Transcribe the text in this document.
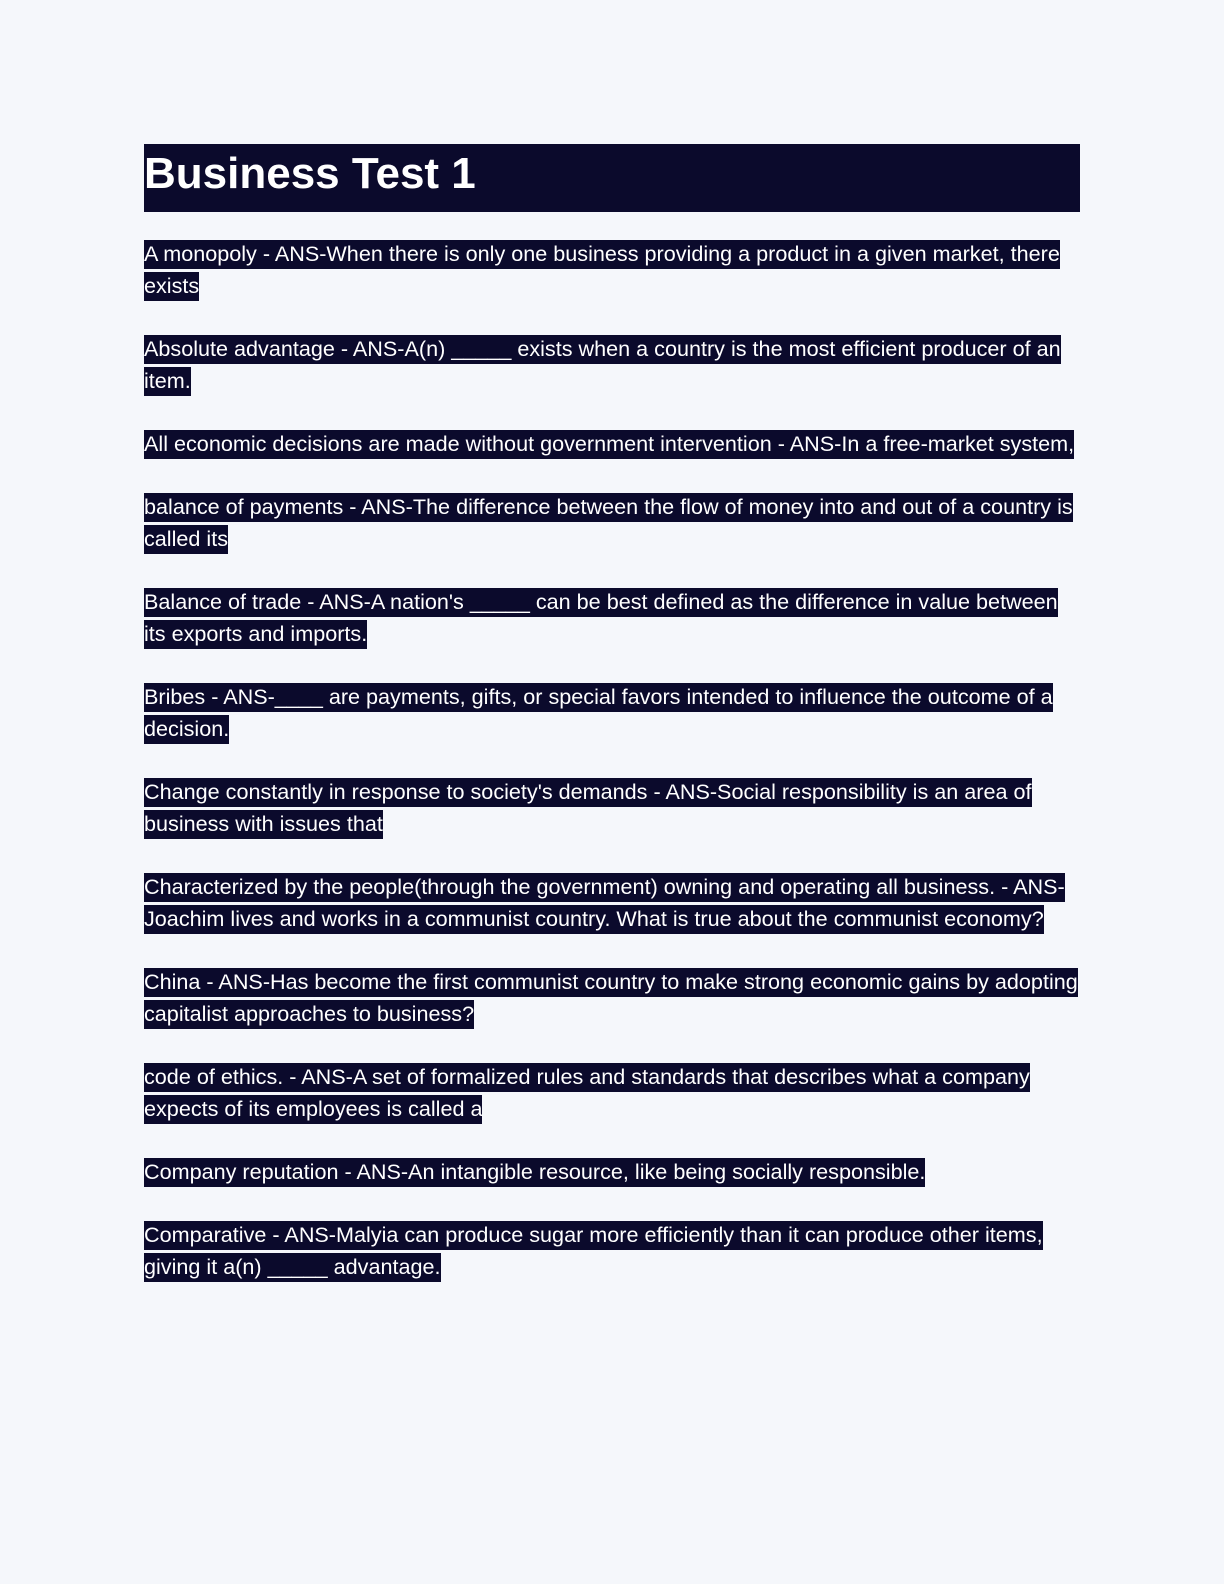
Business Test 1

A monopoly - ANS-When there is only one business providing a product in a given market, there exists

Absolute advantage - ANS-A(n) _____ exists when a country is the most efficient producer of an item.

All economic decisions are made without government intervention - ANS-In a free-market system,

balance of payments - ANS-The difference between the flow of money into and out of a country is called its

Balance of trade - ANS-A nation's _____ can be best defined as the difference in value between its exports and imports.

Bribes - ANS-____ are payments, gifts, or special favors intended to influence the outcome of a decision.

Change constantly in response to society's demands - ANS-Social responsibility is an area of business with issues that

Characterized by the people(through the government) owning and operating all business. - ANS-Joachim lives and works in a communist country. What is true about the communist economy?

China - ANS-Has become the first communist country to make strong economic gains by adopting capitalist approaches to business?

code of ethics. - ANS-A set of formalized rules and standards that describes what a company expects of its employees is called a

Company reputation - ANS-An intangible resource, like being socially responsible.

Comparative - ANS-Malyia can produce sugar more efficiently than it can produce other items, giving it a(n) _____ advantage.
